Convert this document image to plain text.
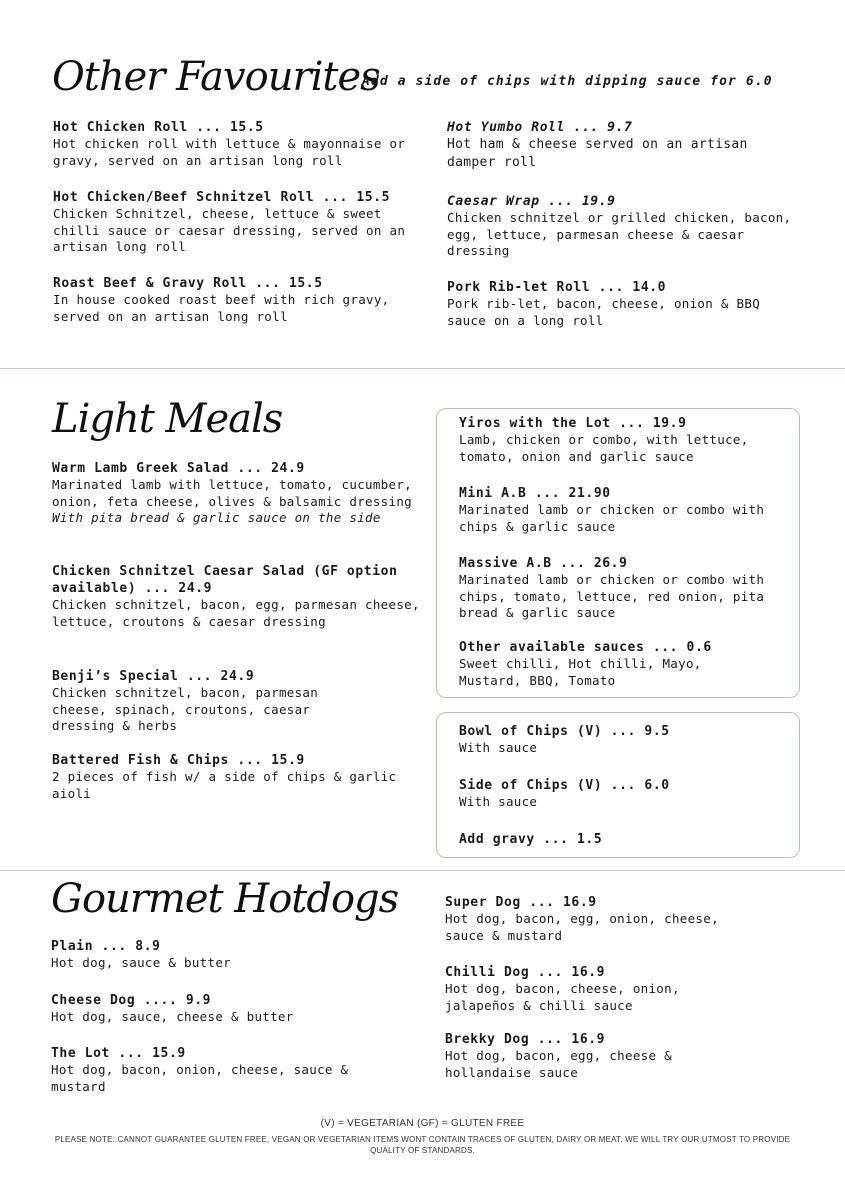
Other Favourites
Add a side of chips with dipping sauce for 6.0
Hot Chicken Roll ... 15.5
Hot chicken roll with lettuce & mayonnaise or gravy, served on an artisan long roll
Hot Chicken/Beef Schnitzel Roll ... 15.5
Chicken Schnitzel, cheese, lettuce & sweet chilli sauce or caesar dressing, served on an artisan long roll
Roast Beef & Gravy Roll ... 15.5
In house cooked roast beef with rich gravy, served on an artisan long roll
Hot Yumbo Roll ... 9.7
Hot ham & cheese served on an artisan damper roll
Caesar Wrap ... 19.9
Chicken schnitzel or grilled chicken, bacon, egg, lettuce, parmesan cheese & caesar dressing
Pork Rib-let Roll ... 14.0
Pork rib-let, bacon, cheese, onion & BBQ sauce on a long roll
Light Meals
Warm Lamb Greek Salad ... 24.9
Marinated lamb with lettuce, tomato, cucumber, onion, feta cheese, olives & balsamic dressing
With pita bread & garlic sauce on the side
Chicken Schnitzel Caesar Salad (GF option available) ... 24.9
Chicken schnitzel, bacon, egg, parmesan cheese, lettuce, croutons & caesar dressing
Benji’s Special ... 24.9
Chicken schnitzel, bacon, parmesan cheese, spinach, croutons, caesar dressing & herbs
Battered Fish & Chips ... 15.9
2 pieces of fish w/ a side of chips & garlic aioli
Yiros with the Lot ... 19.9
Lamb, chicken or combo, with lettuce, tomato, onion and garlic sauce
Mini A.B ... 21.90
Marinated lamb or chicken or combo with chips & garlic sauce
Massive A.B ... 26.9
Marinated lamb or chicken or combo with chips, tomato, lettuce, red onion, pita bread & garlic sauce
Other available sauces ... 0.6
Sweet chilli, Hot chilli, Mayo, Mustard, BBQ, Tomato
Bowl of Chips (V) ... 9.5
With sauce
Side of Chips (V) ... 6.0
With sauce
Add gravy ... 1.5
Gourmet Hotdogs
Plain ... 8.9
Hot dog, sauce & butter
Cheese Dog .... 9.9
Hot dog, sauce, cheese & butter
The Lot ... 15.9
Hot dog, bacon, onion, cheese, sauce & mustard
Super Dog ... 16.9
Hot dog, bacon, egg, onion, cheese, sauce & mustard
Chilli Dog ... 16.9
Hot dog, bacon, cheese, onion, jalapeños & chilli sauce
Brekky Dog ... 16.9
Hot dog, bacon, egg, cheese & hollandaise sauce
(V) = VEGETARIAN (GF) = GLUTEN FREE
PLEASE NOTE: CANNOT GUARANTEE GLUTEN FREE, VEGAN OR VEGETARIAN ITEMS WONT CONTAIN TRACES OF GLUTEN, DAIRY OR MEAT. WE WILL TRY OUR UTMOST TO PROVIDE QUALITY OF STANDARDS.
